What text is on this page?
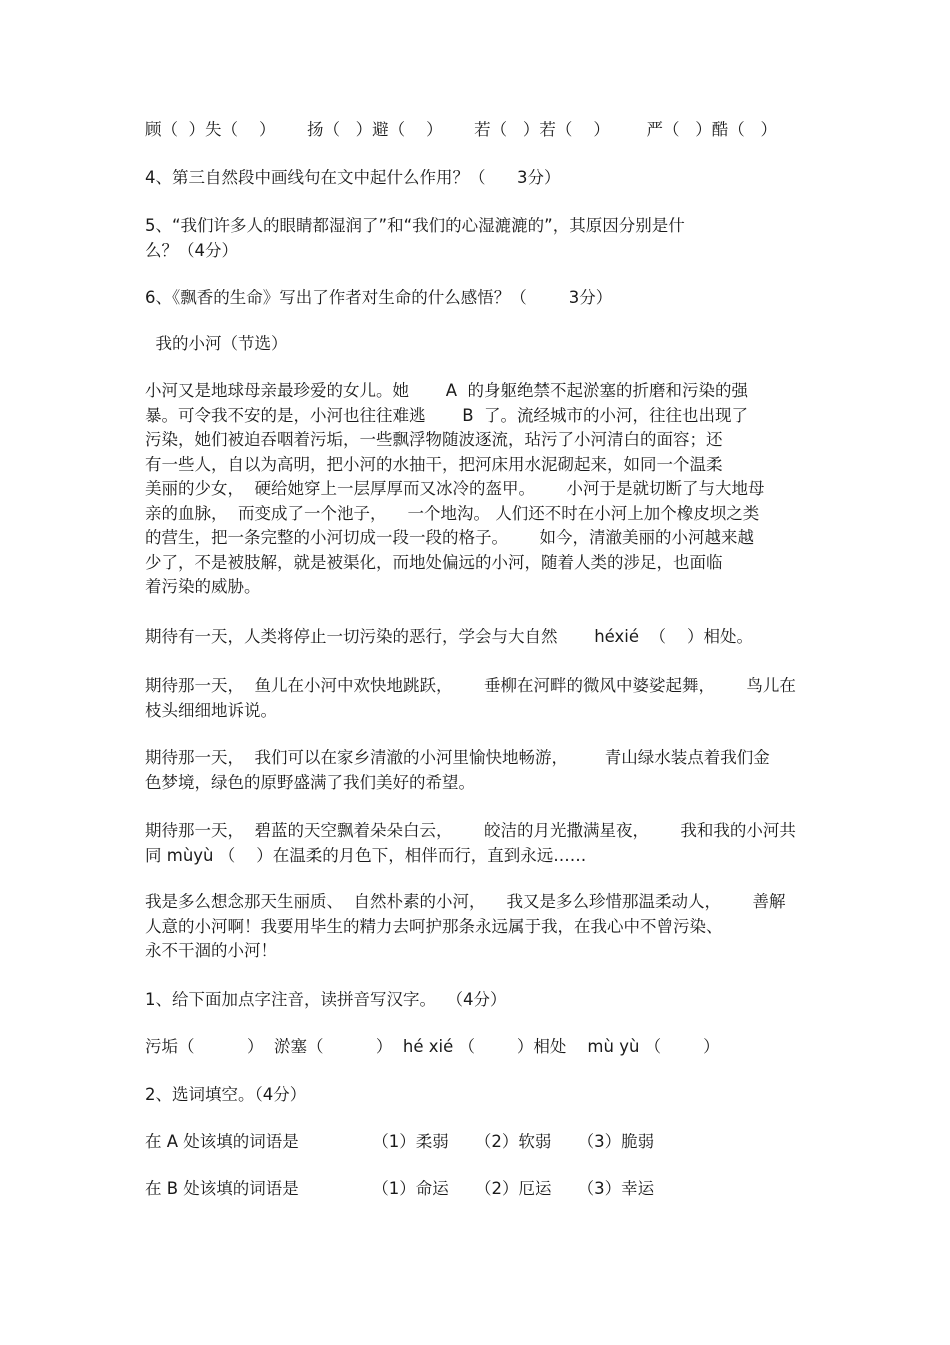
顾（  ）失（    ）      扬（   ）避（    ）      若（   ）若（    ）       严（   ）酷（   ）
4、第三自然段中画线句在文中起什么作用？（      3分）
5、“我们许多人的眼睛都湿润了”和“我们的心湿漉漉的”，其原因分别是什
么？（4分）
6、《飘香的生命》写出了作者对生命的什么感悟？（        3分）
我的小河（节选）
小河又是地球母亲最珍爱的女儿。她       A  的身躯绝禁不起淤塞的折磨和污染的强
暴。可令我不安的是，小河也往往难逃       B  了。流经城市的小河，往往也出现了
污染，她们被迫吞咽着污垢，一些飘浮物随波逐流，玷污了小河清白的面容；还
有一些人，自以为高明，把小河的水抽干，把河床用水泥砌起来，如同一个温柔
美丽的少女，  硬给她穿上一层厚厚而又冰冷的盔甲。      小河于是就切断了与大地母
亲的血脉，  而变成了一个池子，    一个地沟。 人们还不时在小河上加个橡皮坝之类
的营生，把一条完整的小河切成一段一段的格子。      如今，清澈美丽的小河越来越
少了，不是被肢解，就是被渠化，而地处偏远的小河，随着人类的涉足，也面临
着污染的威胁。
期待有一天，人类将停止一切污染的恶行，学会与大自然       héxié  （    ）相处。
期待那一天，  鱼儿在小河中欢快地跳跃，      垂柳在河畔的微风中婆娑起舞，      鸟儿在
枝头细细地诉说。
期待那一天，  我们可以在家乡清澈的小河里愉快地畅游，       青山绿水装点着我们金
色梦境，绿色的原野盛满了我们美好的希望。
期待那一天，  碧蓝的天空飘着朵朵白云，      皎洁的月光撒满星夜，      我和我的小河共
同 mùyù （    ）在温柔的月色下，相伴而行，直到永远……
我是多么想念那天生丽质、  自然朴素的小河，    我又是多么珍惜那温柔动人，      善解
人意的小河啊！我要用毕生的精力去呵护那条永远属于我，在我心中不曾污染、
永不干涸的小河！
1、给下面加点字注音，读拼音写汉字。  （4分）
污垢（          ）  淤塞（          ）  hé xié （        ）相处    mù yù （        ）
2、选词填空。（4分）
在 A 处该填的词语是              （1）柔弱     （2）软弱     （3）脆弱
在 B 处该填的词语是              （1）命运     （2）厄运     （3）幸运
